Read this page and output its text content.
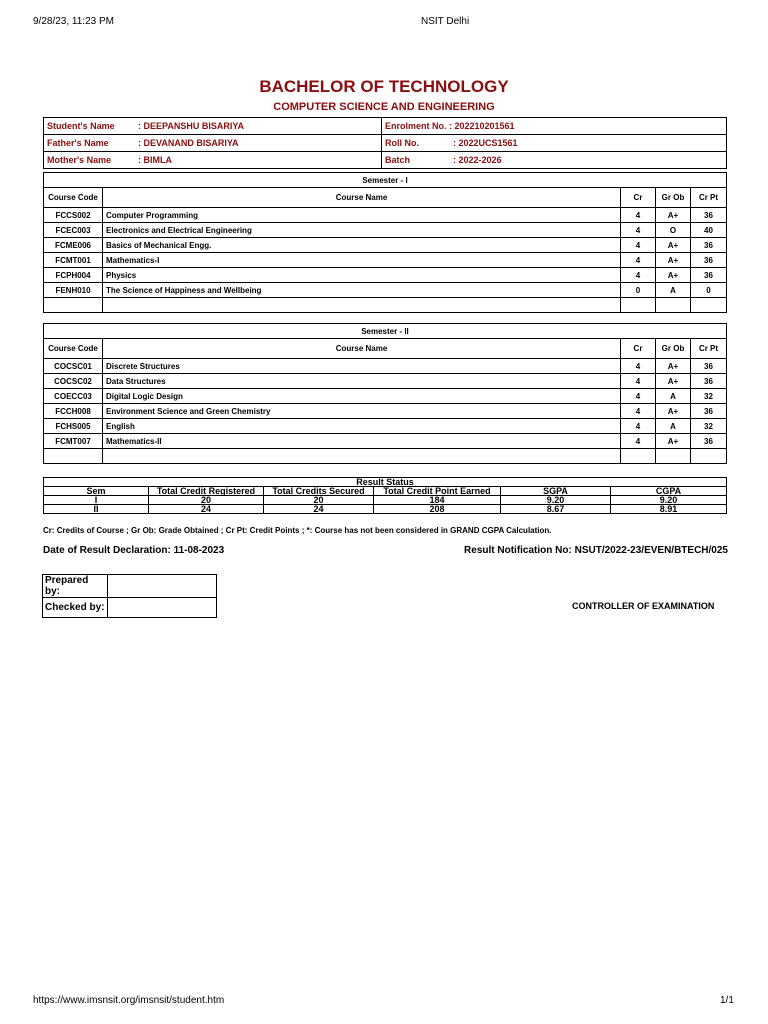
9/28/23, 11:23 PM	NSIT Delhi
BACHELOR OF TECHNOLOGY
COMPUTER SCIENCE AND ENGINEERING
Student's Name	: DEEPANSHU BISARIYA	Enrolment No. : 202210201561	
Father's Name	: DEVANAND BISARIYA	Roll No.	: 2022UCS1561
Mother's Name	: BIMLA	Batch	: 2022-2026
Semester - I				
Course Code	Course Name	Cr	Gr Ob	Cr Pt
FCCS002	Computer Programming	4	A+	36
FCEC003	Electronics and Electrical Engineering	4	O	40
FCME006	Basics of Mechanical Engg.	4	A+	36
FCMT001	Mathematics-I	4	A+	36
FCPH004	Physics	4	A+	36
FENH010	The Science of Happiness and Wellbeing	0	A	0

Semester - II				
Course Code	Course Name	Cr	Gr Ob	Cr Pt
COCSC01	Discrete Structures	4	A+	36
COCSC02	Data Structures	4	A+	36
COECC03	Digital Logic Design	4	A	32
FCCH008	Environment Science and Green Chemistry	4	A+	36
FCHS005	English	4	A	32
FCMT007	Mathematics-II	4	A+	36

Result Status					
Sem	Total Credit Registered	Total Credits Secured	Total Credit Point Earned	SGPA	CGPA
I	20	20	184	9.20	9.20
II	24	24	208	8.67	8.91
Cr: Credits of Course ; Gr Ob: Grade Obtained ; Cr Pt: Credit Points ; *: Course has not been considered in GRAND CGPA Calculation.
Date of Result Declaration: 11-08-2023	Result Notification No: NSUT/2022-23/EVEN/BTECH/025
Prepared by:	
Checked by:		CONTROLLER OF EXAMINATION
https://www.imsnsit.org/imsnsit/student.htm	1/1
